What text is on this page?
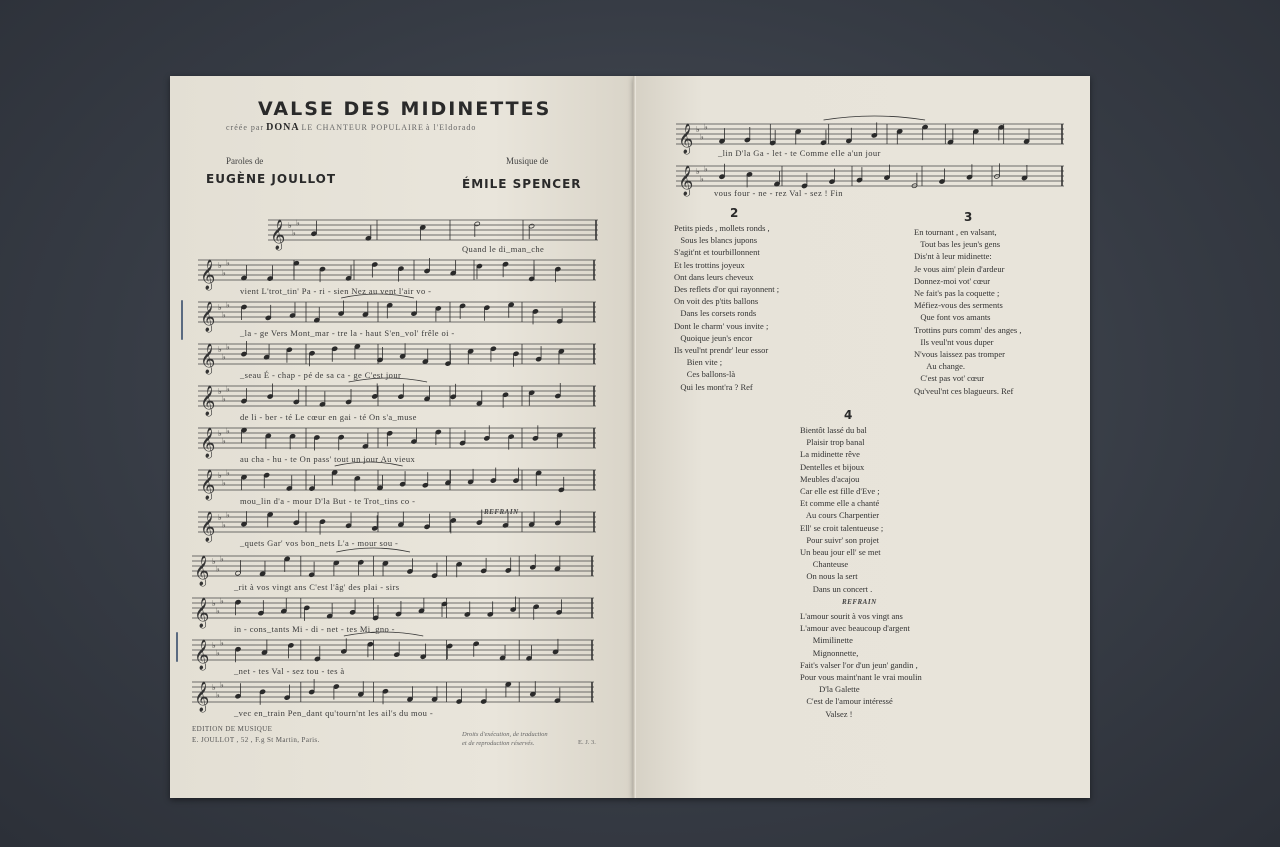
VALSE DES MIDINETTES
créée par DONA LE CHANTEUR POPULAIRE à l'Eldorado
Paroles de	Musique de
EUGÈNE JOULLOT	ÉMILE SPENCER
𝄞 ♭
♭
♭
Quand le di_man_che
𝄞 ♭
♭
♭
vient L'trot_tin' Pa - ri - sien Nez au vent l'air vo -
𝄞 ♭
♭
♭
_la - ge Vers Mont_mar - tre la - haut S'en_vol' frêle oi -
𝄞 ♭
♭
♭
_seau É - chap - pé de sa ca - ge C'est jour
𝄞 ♭
♭
♭
de li - ber - té Le cœur en gai - té On s'a_muse
𝄞 ♭
♭
♭
au cha - hu - te On pass' tout un jour Au vieux
𝄞 ♭
♭
♭
mou_lin d'a - mour D'la But - te Trot_tins co -
𝄞 ♭
♭
♭
_quets Gar' vos bon_nets L'a - mour sou -
𝄞 ♭
♭
♭
_rit à vos vingt ans C'est l'âg' des plai - sirs
𝄞 ♭
♭
♭
in - cons_tants Mi - di - net - tes Mi_gno -
𝄞 ♭
♭
♭
_net - tes Val - sez tou - tes à
𝄞 ♭
♭
♭
_vec en_train Pen_dant qu'tourn'nt les ail's du mou -
REFRAIN
EDITION DE MUSIQUE
E. JOULLOT , 52 , F.g St Martin, Paris.
Droits d'exécution, de traduction
et de reproduction réservés.	E. J. 3.
𝄞 ♭
♭
♭
_lin D'la Ga - let - te Comme elle a'un jour
𝄞 ♭
♭
♭
vous four - ne - rez Val - sez ! Fin
2
Petits pieds , mollets ronds ,
Sous les blancs jupons
S'agit'nt et tourbillonnent
Et les trottins joyeux
Ont dans leurs cheveux
Des reflets d'or qui rayonnent ;
On voit des p'tits ballons
Dans les corsets ronds
Dont le charm' vous invite ;
Quoique jeun's encor
Ils veul'nt prendr' leur essor
Bien vite ;
Ces ballons-là
Qui les mont'ra ? Ref
3
En tournant , en valsant,
Tout bas les jeun's gens
Dis'nt à leur midinette:
Je vous aim' plein d'ardeur
Donnez-moi vot' cœur
Ne fait's pas la coquette ;
Méfiez-vous des serments
Que font vos amants
Trottins purs comm' des anges ,
Ils veul'nt vous duper
N'vous laissez pas tromper
Au change.
C'est pas vot' cœur
Qu'veul'nt ces blagueurs. Ref
4
Bientôt lassé du bal
Plaisir trop banal
La midinette rêve
Dentelles et bijoux
Meubles d'acajou
Car elle est fille d'Eve ;
Et comme elle a chanté
Au cours Charpentier
Ell' se croit talentueuse ;
Pour suivr' son projet
Un beau jour ell' se met
Chanteuse
On nous la sert
Dans un concert .
REFRAIN
L'amour sourit à vos vingt ans
L'amour avec beaucoup d'argent
Mimilinette
Mignonnette,
Fait's valser l'or d'un jeun' gandin ,
Pour vous maint'nant le vrai moulin
D'la Galette
C'est de l'amour intéressé
Valsez !
